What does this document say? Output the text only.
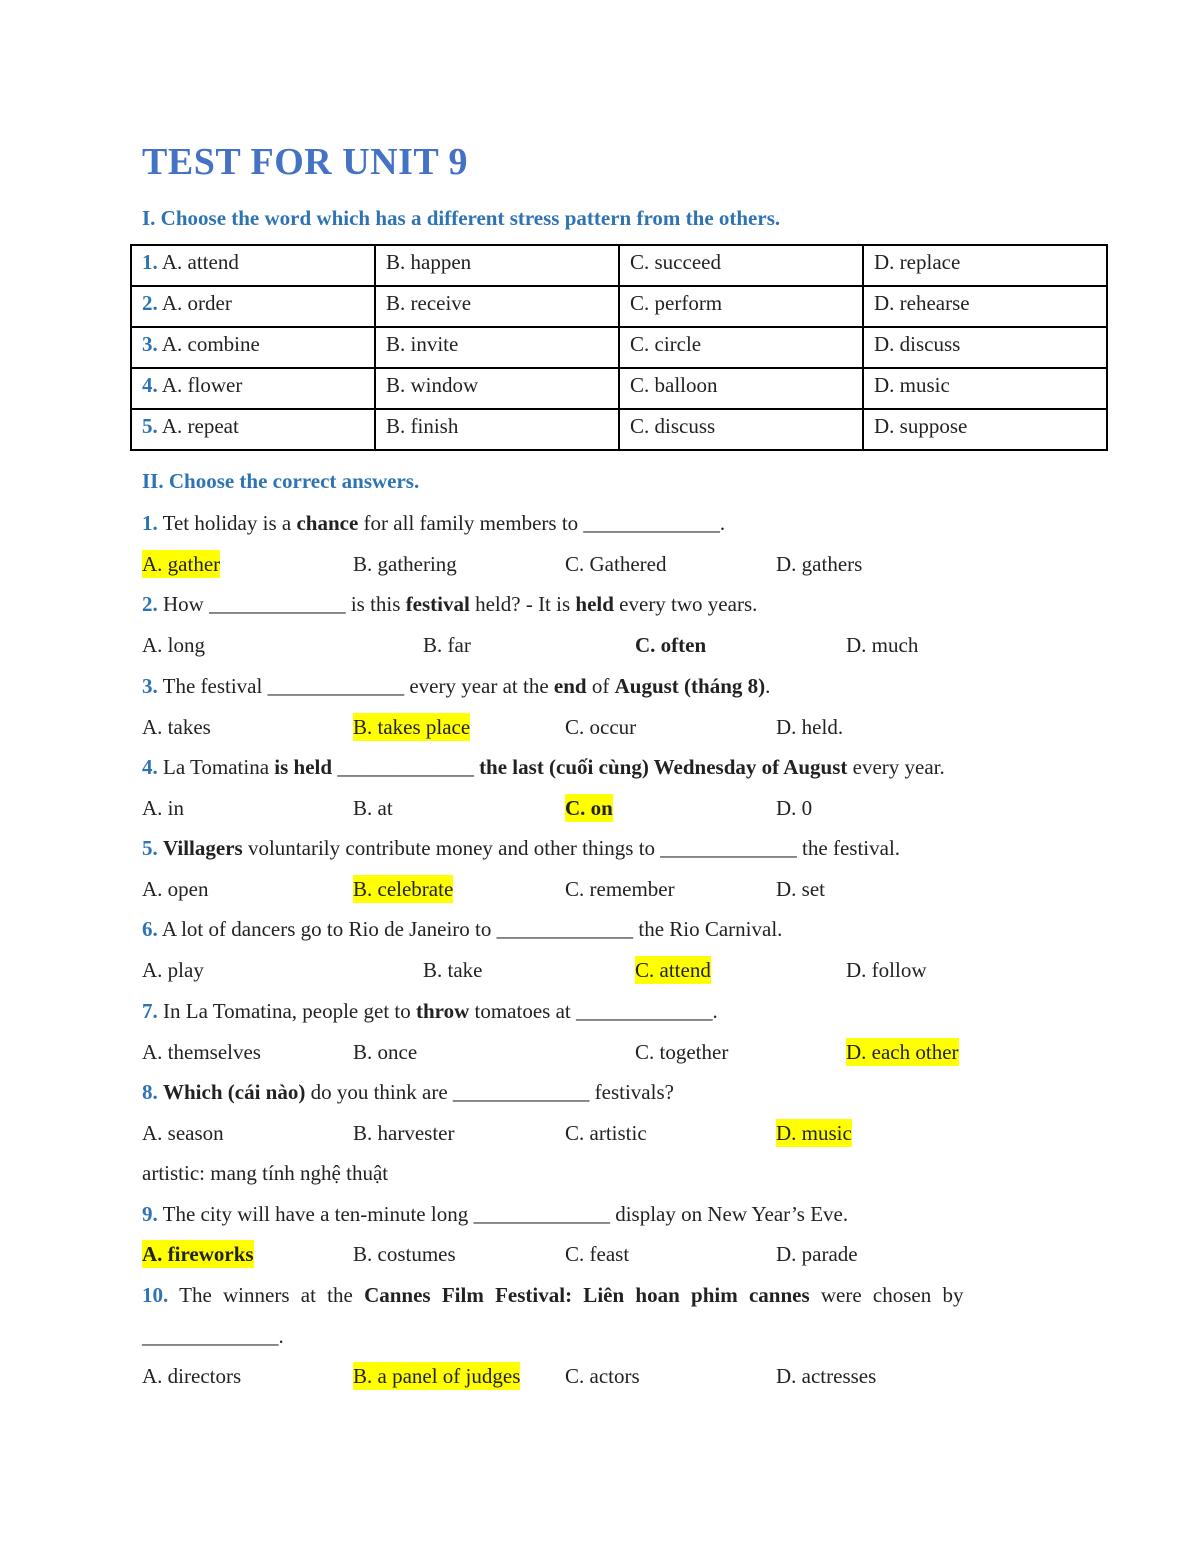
TEST FOR UNIT 9
I. Choose the word which has a different stress pattern from the others.
1. A. attend	B. happen	C. succeed	D. replace
2. A. order	B. receive	C. perform	D. rehearse
3. A. combine	B. invite	C. circle	D. discuss
4. A. flower	B. window	C. balloon	D. music
5. A. repeat	B. finish	C. discuss	D. suppose
II. Choose the correct answers.
1. Tet holiday is a chance for all family members to _____________.
A. gather	B. gathering	C. Gathered	D. gathers
2. How _____________ is this festival held? - It is held every two years.
A. long	B. far	C. often	D. much
3. The festival _____________ every year at the end of August (tháng 8).
A. takes	B. takes place	C. occur	D. held.
4. La Tomatina is held _____________ the last (cuối cùng) Wednesday of August every year.
A. in	B. at	C. on	D. 0
5. Villagers voluntarily contribute money and other things to _____________ the festival.
A. open	B. celebrate	C. remember	D. set
6. A lot of dancers go to Rio de Janeiro to _____________ the Rio Carnival.
A. play	B. take	C. attend	D. follow
7. In La Tomatina, people get to throw tomatoes at _____________.
A. themselves	B. once	C. together	D. each other
8. Which (cái nào) do you think are _____________ festivals?
A. season	B. harvester	C. artistic	D. music
artistic: mang tính nghệ thuật
9. The city will have a ten-minute long _____________ display on New Year’s Eve.
A. fireworks	B. costumes	C. feast	D. parade
10. The winners at the Cannes Film Festival: Liên hoan phim cannes were chosen by
_____________.
A. directors	B. a panel of judges C. actors	D. actresses
